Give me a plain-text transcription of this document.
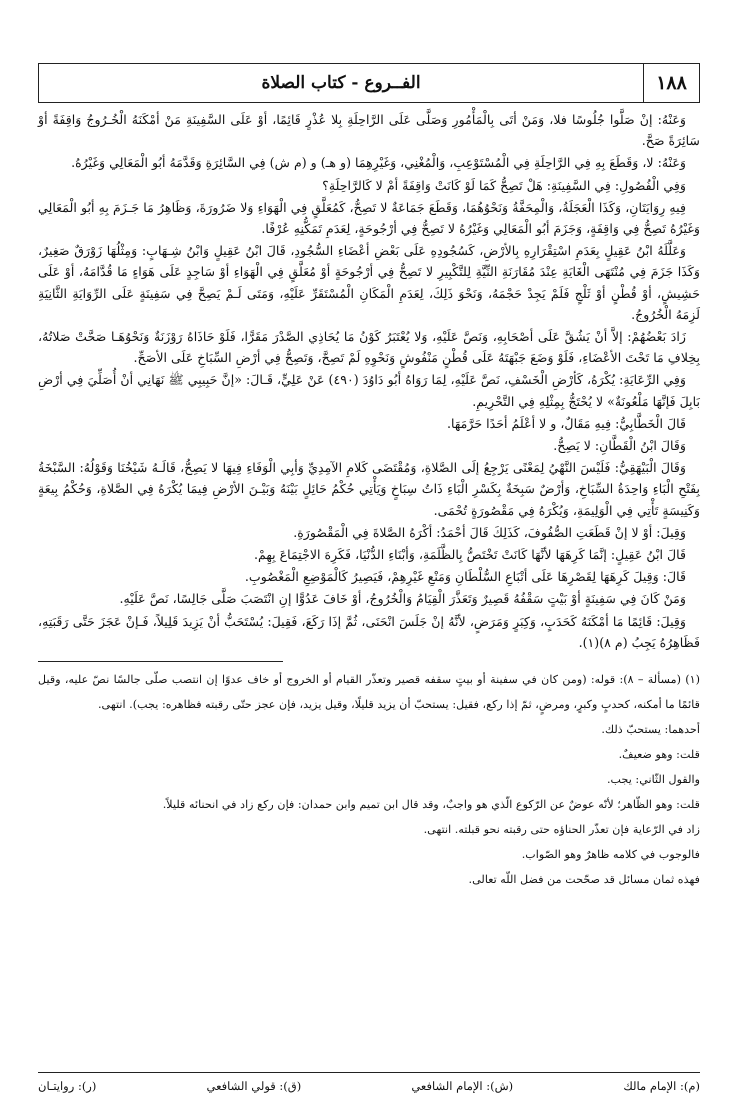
١٨٨
الفــروع - كتاب الصلاة

وَعَنْهُ: إنْ صَلَّوا جُلُوسًا فلا، وَمَنْ أتَى بِالْمَأْمُورِ وَصَلَّى عَلَى الرَّاحِلَةِ بِلا عُذْرٍ قَائِمًا، أوْ عَلَى السَّفِينَةِ مَنْ أمْكَنَهُ الْخُـرُوجُ وَاقِفَةً أوْ سَائِرَةً صَحَّ.

وَعَنْهُ: لا، وَقَطَعَ بِهِ فِي الرَّاحِلَةِ فِي الْمُسْتَوْعِبِ، وَالْمُغْنِي، وَغَيْرِهِمَا (و هـ) و (م ش) فِي السَّائِرَةِ وَقَدَّمَهُ أبُو الْمَعَالِي وَغَيْرُهُ.

وَفِي الْفُصُولِ: فِي السَّفِينَةِ: هَلْ تَصِحُّ كَمَا لَوْ كَانَتْ وَاقِفَةً أمْ لا كَالرَّاحِلَةِ؟

فِيهِ رِوَايَتَانِ، وَكَذَا الْعَجَلَةُ، وَالْمِحَفَّةُ وَنَحْوُهُمَا، وَقَطَعَ جَمَاعَةٌ لا تَصِحُّ، كَمُعَلَّقٍ فِي الْهَوَاءِ وَلا ضَرُورَةَ، وَظَاهِرُ مَا جَـزَمَ بِهِ أبُو الْمَعَالِي وَغَيْرُهُ تَصِحُّ فِي وَاقِفَةٍ، وَجَزَمَ أبُو الْمَعَالِي وَغَيْرُهُ لا تَصِحُّ فِي أرْجُوحَةٍ، لِعَدَمِ تَمَكُّنِهِ عُرْفًا.

وَعَلَّلَهُ ابْنُ عَقِيلٍ بِعَدَمِ اسْتِقْرَارِهِ بِالأرْضِ، كَسُجُودِهِ عَلَى بَعْضِ أعْضَاءِ السُّجُودِ، قَالَ ابْنُ عَقِيلٍ وَابْنُ شِـهَابٍ: وَمِثْلُهَا زَوْرَقٌ صَغِيرٌ، وَكَذَا جَزَمَ فِي مُنْتَهَى الْغَايَةِ عِنْدَ مُقَارَنَةِ النِّيَّةِ لِلتَّكْبِيرِ لا تَصِحُّ فِي أرْجُوحَةٍ أوْ مُعَلَّقٍ فِي الْهَوَاءِ أوْ سَاجِدٍ عَلَى هَوَاءٍ مَا قُدَّامَهُ، أوْ عَلَى حَشِيشٍ، أوْ قُطْنٍ أوْ ثَلْجٍ فَلَمْ يَجِدْ حَجْمَهُ، وَنَحْوَ ذَلِكَ، لِعَدَمِ الْمَكَانِ الْمُسْتَقَرِّ عَلَيْهِ، وَمَتَى لَـمْ يَصِحَّ فِي سَفِينَةٍ عَلَى الرِّوَايَةِ الثَّانِيَةِ لَزِمَهُ الْخُرُوجُ.

زَادَ بَعْضُهُمْ: إلاَّ أنْ يَشُقَّ عَلَى أصْحَابِهِ، وَنَصَّ عَلَيْهِ، وَلا يُعْتَبَرُ كَوْنُ مَا يُحَاذِي الصَّدْرَ مَقَرًّا، فَلَوْ حَاذَاهُ رَوْزَنَةٌ وَنَحْوُهَـا صَحَّتْ صَلاتُهُ، بِخِلافِ مَا تَحْتَ الأعْضَاءِ، فَلَوْ وَضَعَ جَبْهَتَهُ عَلَى قُطْنٍ مَنْفُوشٍ وَنَحْوِهِ لَمْ تَصِحَّ، وَتَصِحُّ فِي أرْضِ السِّبَاخِ عَلَى الأصَحِّ.

وَفِي الرِّعَايَةِ: يُكْرَهُ، كَأرْضِ الْخَسْفِ، نَصَّ عَلَيْهِ، لِمَا رَوَاهُ أبُو دَاوُدَ (٤٩٠) عَنْ عَلِيٍّ، قَـالَ: «إنَّ حَبِيبِي ﷺ نَهَانِي أنْ أُصَلِّيَ فِي أرْضِ بَابِلَ فَإنَّهَا مَلْعُونَةٌ» لا يُحْتَجُّ بِمِثْلِهِ فِي التَّحْرِيمِ.

قَالَ الْخَطَّابِيُّ: فِيهِ مَقَالٌ، و لا أعْلَمُ أحَدًا حَرَّمَهَا.

وَقَالَ ابْنُ الْقَطَّانِ: لا يَصِحُّ.

وَقَالَ الْبَيْهَقِيُّ: فَلَيْسَ النَّهْيُ لِمَعْنًى يَرْجِعُ إلَى الصَّلاةِ، وَمُقْتَضَى كَلامِ الآمِدِيِّ وَأبِي الْوَفَاءِ فِيهَا لا يَصِحُّ، قَالَـهُ شَيْخُنَا وَقَوْلُهُ: السَّبْخَةُ بِفَتْحِ الْبَاءِ وَاحِدَةُ السِّبَاخِ، وَأرْضٌ سَبِخَةٌ بِكَسْرِ الْبَاءِ ذَاتُ سِبَاخٍ وَيَأْتِي حُكْمُ حَائِلٍ بَيْنَهُ وَبَيْـنَ الأرْضِ فِيمَا يُكْرَهُ فِي الصَّلاةِ، وَحُكْمُ بِيعَةٍ وَكَنِيسَةٍ تَأْتِي فِي الْوَلِيمَةِ، وَيُكْرَهُ فِي مَقْصُورَةٍ تُحْمَى.

وَقِيلَ: أوْ لا إنْ قَطَعَتِ الصُّفُوفَ، كَذَلِكَ قَالَ أحْمَدُ: أكْرَهُ الصَّلاةَ فِي الْمَقْصُورَةِ.

قَالَ ابْنُ عَقِيلٍ: إنَّمَا كَرِهَهَا لأنَّهَا كَانَتْ تَخْتَصُّ بِالظَّلَمَةِ، وَأبْنَاءِ الدُّنْيَا، فَكَرِهَ الاجْتِمَاعَ بِهِمْ.

قَالَ: وَقِيلَ كَرِهَهَا لِقَصْرِهَا عَلَى أتْبَاعِ السُّلْطَانِ وَمَنْعِ غَيْرِهِمْ، فَيَصِيرُ كَالْمَوْضِعِ الْمَغْصُوبِ.

وَمَنْ كَانَ فِي سَفِينَةٍ أوْ بَيْتٍ سَقْفُهُ قَصِيرٌ وَتَعَذَّرَ الْقِيَامُ وَالْخُرُوجُ، أوْ خَافَ عَدُوًّا إنِ انْتَصَبَ صَلَّى جَالِسًا، نَصَّ عَلَيْهِ.

وَقِيلَ: قَائِمًا مَا أمْكَنَهُ كَحَدَبٍ، وَكِبَرٍ وَمَرَضٍ، لأنَّهُ إنْ جَلَسَ انْحَنَى، ثُمَّ إذَا رَكَعَ، فَقِيلَ: يُسْتَحَبُّ أنْ يَزِيدَ قَلِيلاً، فَـإنْ عَجَزَ حَتَّى رَقَبَتِهِ، فَظَاهِرُهُ يَجِبُ (م ٨)(١).

(١) (مسألة – ٨): قوله: (ومن كان في سفينة أو بيتٍ سقفه قصير وتعذّر القيام أو الخروج أو خاف عدوًا إن انتصب صلّى جالسًا نصّ عليه، وقيل قائمًا ما أمكنه، كحدبٍ وكبرٍ، ومرضٍ، ثمّ إذا ركع، فقيل: يستحبّ أن يزيد قليلًا، وقيل يزيد، فإن عجز حتّى رقبته فظاهره: يجب). انتهى.

أحدهما: يستحبّ ذلك.

قلت: وهو ضعيفٌ.

والقول الثّاني: يجب.

قلت: وهو الظّاهر؛ لأنّه عوضٌ عن الرّكوع الّذي هو واجبٌ، وقد قال ابن تميم وابن حمدان: فإن ركع زاد في انحنائه قليلاً.

زاد في الرّعاية فإن تعذّر الحناؤه حتى رقبته نحو قبلته. انتهى.

فالوجوب في كلامه ظاهرٌ وهو الصّواب.

فهذه ثمان مسائل قد صحّحت من فضل اللّه تعالى.

(م): الإمام مالك
(ش): الإمام الشافعي
(ق): قولي الشافعي
(ر): روايتـان
